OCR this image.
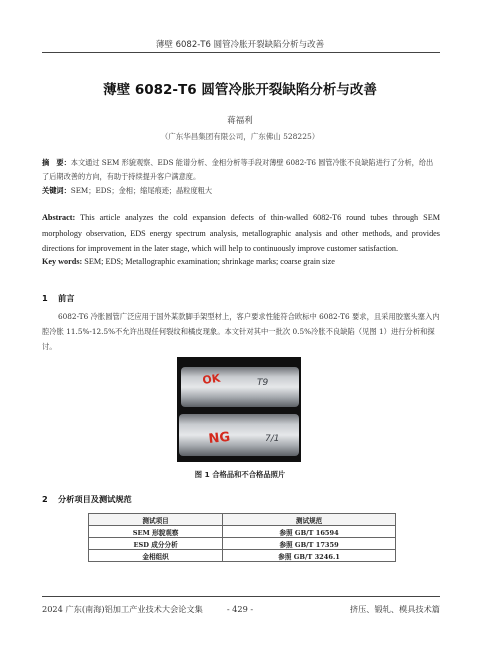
薄壁 6082-T6 圆管冷胀开裂缺陷分析与改善
薄壁 6082-T6 圆管冷胀开裂缺陷分析与改善
蒋福利
（广东华昌集团有限公司，广东佛山 528225）
摘　要：本文通过 SEM 形貌观察、EDS 能谱分析、金相分析等手段对薄壁 6082-T6 圆管冷胀不良缺陷进行了分析，给出了后期改善的方向，有助于持续提升客户满意度。
关键词：SEM；EDS；金相；缩尾痕迹；晶粒度粗大
Abstract: This article analyzes the cold expansion defects of thin-walled 6082-T6 round tubes through SEM morphology observation, EDS energy spectrum analysis, metallographic analysis and other methods, and provides directions for improvement in the later stage, which will help to continuously improve customer satisfaction.
Key words: SEM; EDS; Metallographic examination; shrinkage marks; coarse grain size
1 前言
6082-T6 冷胀圆管广泛应用于国外某款脚手架型材上，客户要求性能符合欧标中 6082-T6 要求，且采用胶塞头塞入内腔冷胀 11.5%-12.5%不允许出现任何裂纹和橘皮现象。本文针对其中一批次 0.5%冷胀不良缺陷（见图 1）进行分析和探讨。
OK	T9
NG	7/1
图 1 合格品和不合格品照片
2 分析项目及测试规范
测试项目	测试规范
SEM 形貌观察	参照 GB/T 16594
ESD 成分分析	参照 GB/T 17359
金相组织	参照 GB/T 3246.1
2024 广东(南海)铝加工产业技术大会论文集	- 429 -	挤压、锻轧、模具技术篇
